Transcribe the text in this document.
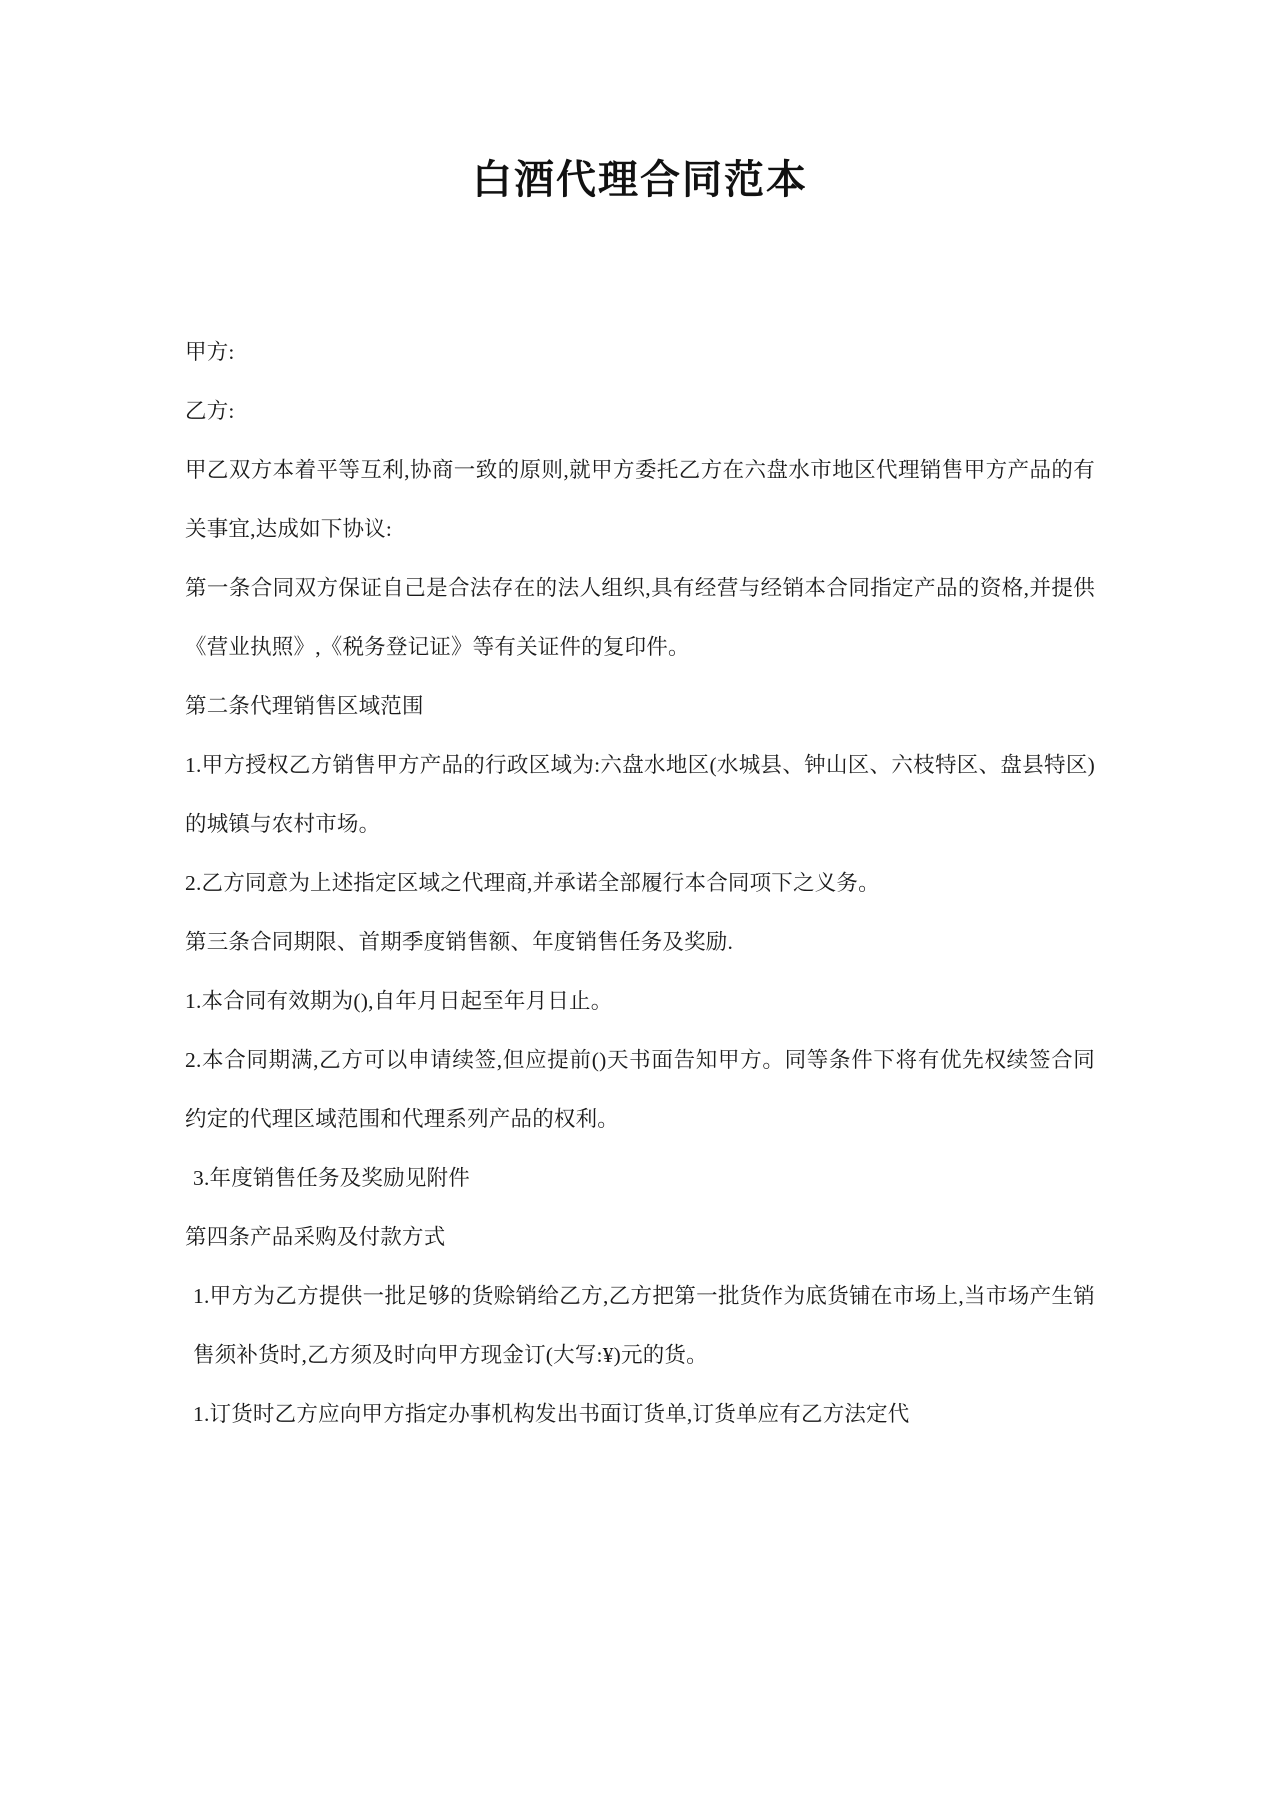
白酒代理合同范本

甲方:

乙方:

甲乙双方本着平等互利,协商一致的原则,就甲方委托乙方在六盘水市地区代理销售甲方产品的有关事宜,达成如下协议:

第一条合同双方保证自己是合法存在的法人组织,具有经营与经销本合同指定产品的资格,并提供《营业执照》,《税务登记证》等有关证件的复印件。

第二条代理销售区域范围

1.甲方授权乙方销售甲方产品的行政区域为:六盘水地区(水城县、钟山区、六枝特区、盘县特区)的城镇与农村市场。

2.乙方同意为上述指定区域之代理商,并承诺全部履行本合同项下之义务。

第三条合同期限、首期季度销售额、年度销售任务及奖励.

1.本合同有效期为(),自年月日起至年月日止。

2.本合同期满,乙方可以申请续签,但应提前()天书面告知甲方。同等条件下将有优先权续签合同约定的代理区域范围和代理系列产品的权利。

3.年度销售任务及奖励见附件

第四条产品采购及付款方式

1.甲方为乙方提供一批足够的货赊销给乙方,乙方把第一批货作为底货铺在市场上,当市场产生销售须补货时,乙方须及时向甲方现金订(大写:¥)元的货。

1.订货时乙方应向甲方指定办事机构发出书面订货单,订货单应有乙方法定代
